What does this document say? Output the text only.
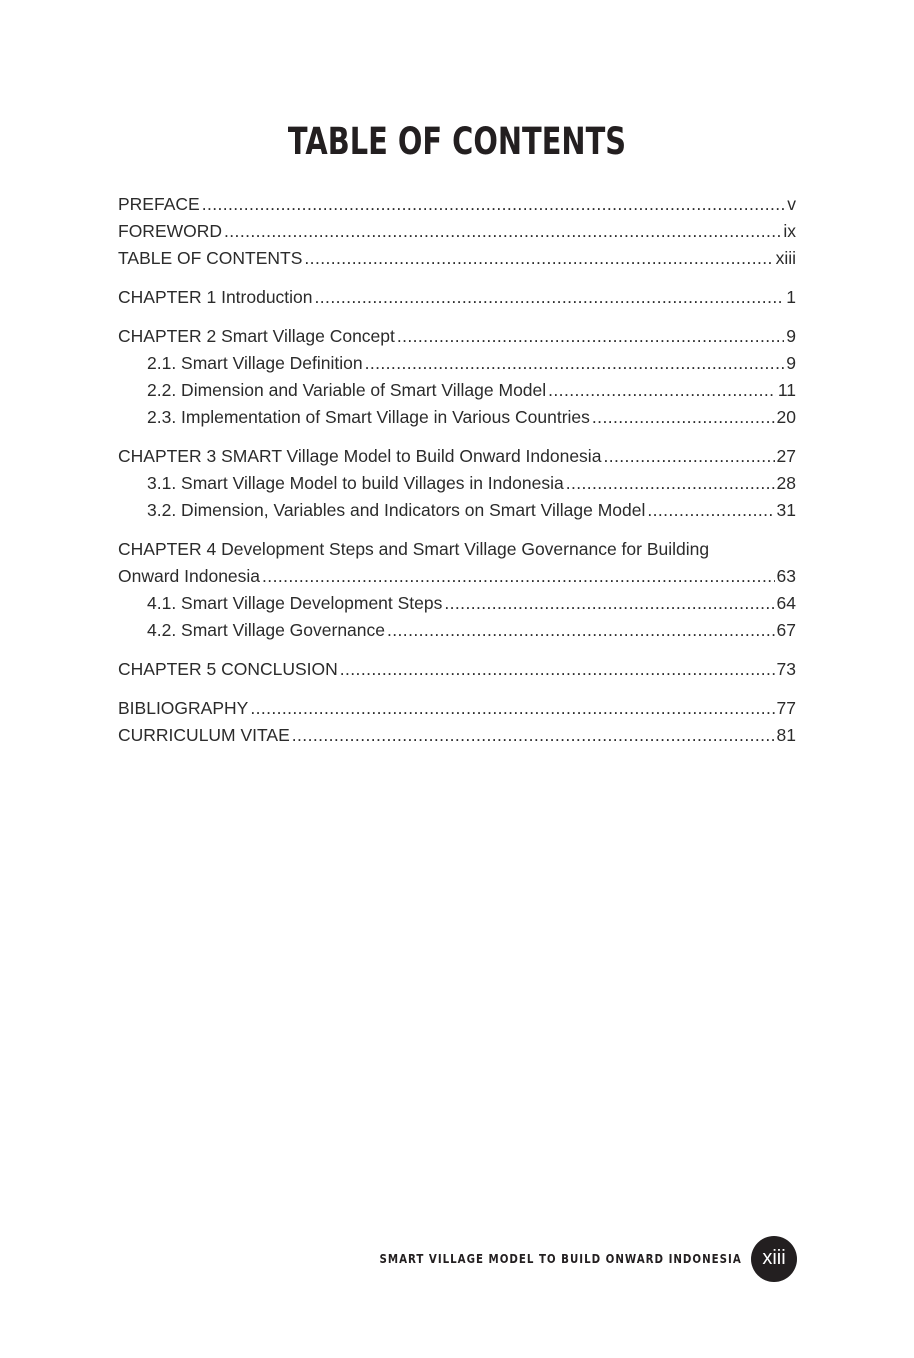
TABLE OF CONTENTS
PREFACE .....	v
FOREWORD .....	ix
TABLE OF CONTENTS .....	xiii
CHAPTER 1 Introduction .....	1
CHAPTER 2 Smart Village Concept .....	9
2.1. Smart Village Definition .....	9
2.2. Dimension and Variable of Smart Village Model .....	11
2.3. Implementation of Smart Village in Various Countries .....	20
CHAPTER 3 SMART Village Model to Build Onward Indonesia .....	27
3.1. Smart Village Model to build Villages in Indonesia .....	28
3.2. Dimension, Variables and Indicators on Smart Village Model .....	31
CHAPTER 4 Development Steps and Smart Village Governance for Building
Onward Indonesia .....	63
4.1. Smart Village Development Steps .....	64
4.2. Smart Village Governance .....	67
CHAPTER 5 CONCLUSION .....	73
BIBLIOGRAPHY .....	77
CURRICULUM VITAE .....	81
SMART VILLAGE MODEL TO BUILD ONWARD INDONESIA	xiii
